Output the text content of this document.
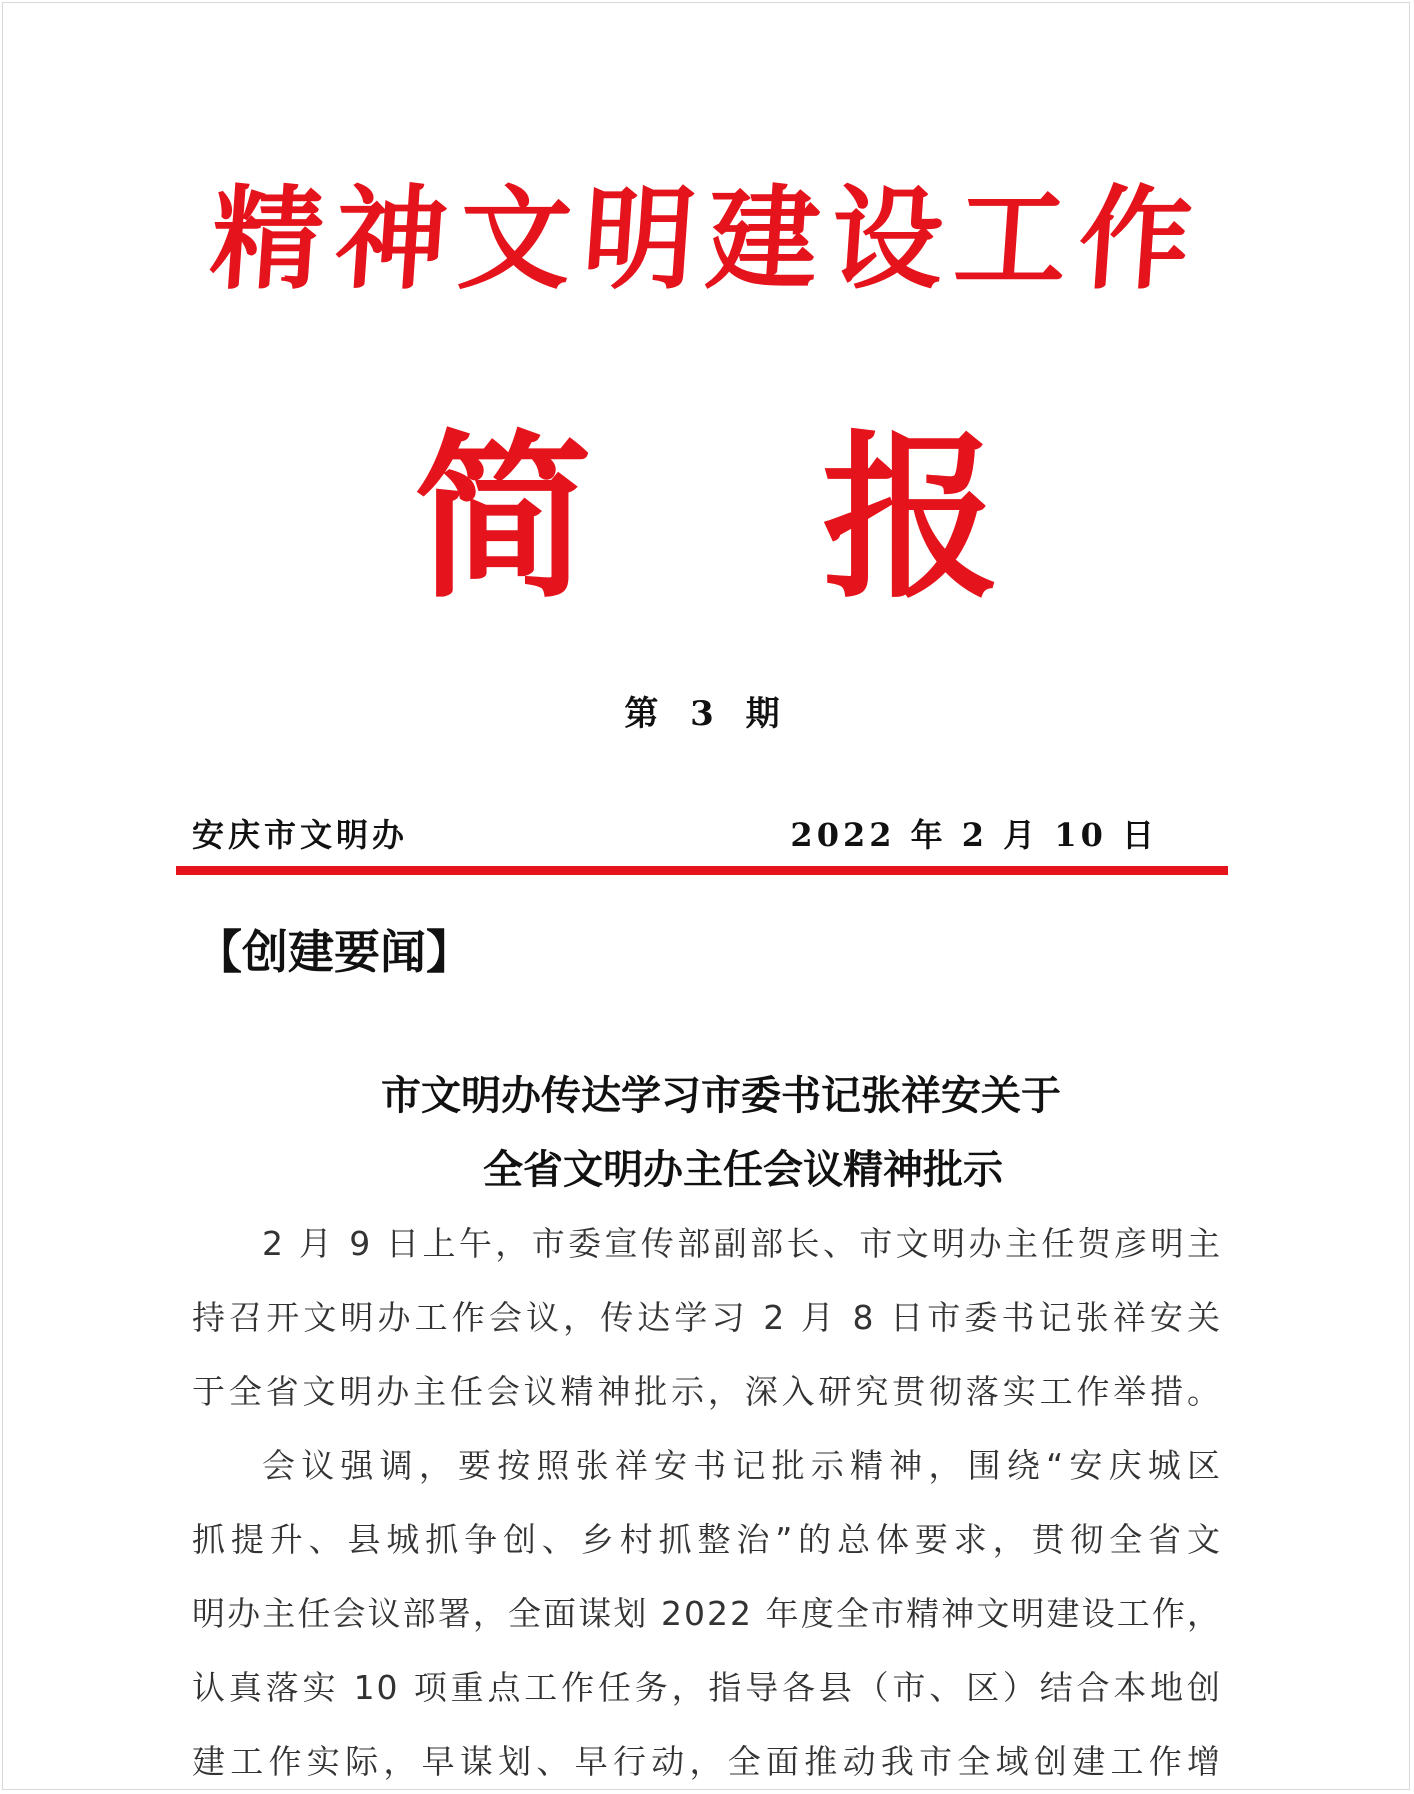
精神文明建设工作
简 报
第 3 期
安庆市文明办	2022 年 2 月 10 日
【创建要闻】
市文明办传达学习市委书记张祥安关于
全省文明办主任会议精神批示
2 月 9 日上午，市委宣传部副部长、市文明办主任贺彦明主
持召开文明办工作会议，传达学习 2 月 8 日市委书记张祥安关
于全省文明办主任会议精神批示，深入研究贯彻落实工作举措。
会议强调，要按照张祥安书记批示精神，围绕“安庆城区
抓提升、县城抓争创、乡村抓整治”的总体要求，贯彻全省文
明办主任会议部署，全面谋划 2022 年度全市精神文明建设工作，
认真落实 10 项重点工作任务，指导各县（市、区）结合本地创
建工作实际，早谋划、早行动，全面推动我市全域创建工作增
